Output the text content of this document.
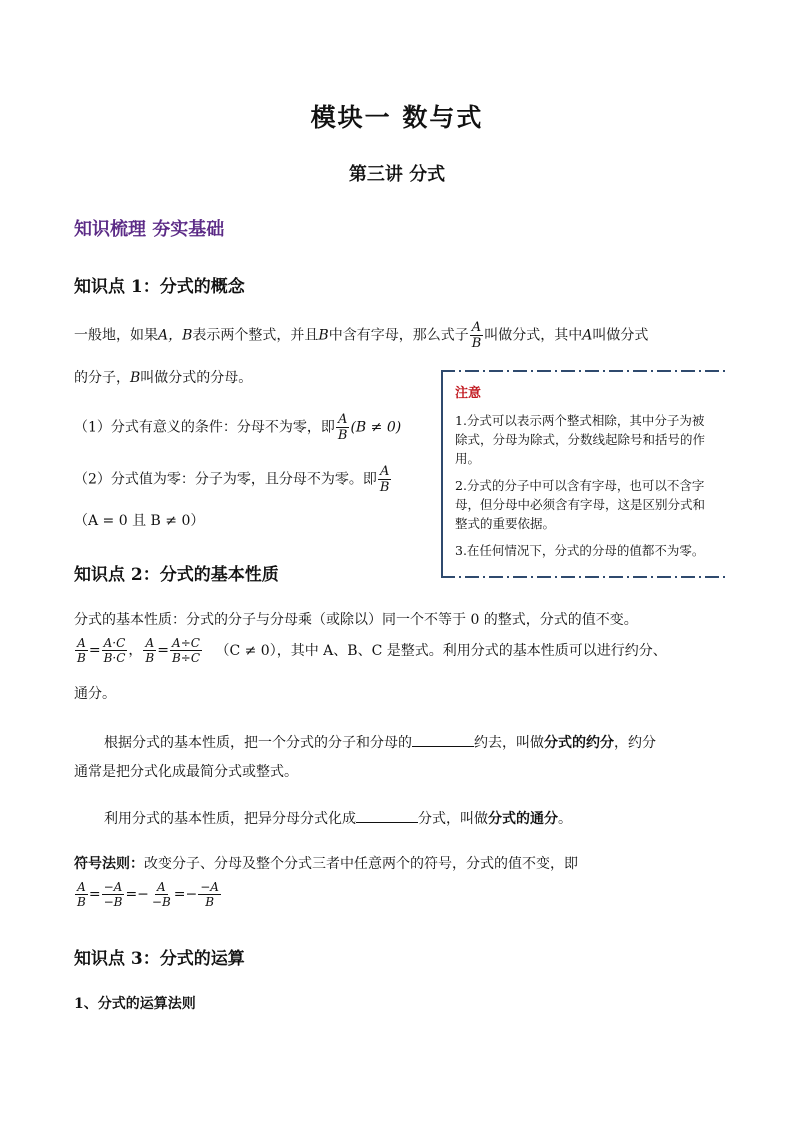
模块一 数与式
第三讲 分式
知识梳理 夯实基础
知识点 1：分式的概念
一般地，如果A，B表示两个整式，并且B中含有字母，那么式子 $\frac{A}{B}$ 叫做分式，其中A叫做分式
的分子，B叫做分式的分母。
（1）分式有意义的条件：分母不为零，即 $\frac{A}{B} (B \ne 0)$
（2）分式值为零：分子为零，且分母不为零。即 $\frac{A}{B}$
（A = 0 且 B ≠ 0）
注意

1.分式可以表示两个整式相除，其中分子为被除式，分母为除式，分数线起除号和括号的作用。

2.分式的分子中可以含有字母，也可以不含字母，但分母中必须含有字母，这是区别分式和整式的重要依据。

3.在任何情况下，分式的分母的值都不为零。

知识点 2：分式的基本性质
分式的基本性质：分式的分子与分母乘（或除以）同一个不等于 0 的整式，分式的值不变。
$\frac{A}{B} = \frac{A\cdot C}{B\cdot C}$ ， $\frac{A}{B} = \frac{A\div C}{B\div C} (C \ne 0)$，其中 A、B、C 是整式。利用分式的基本性质可以进行约分、
通分。
根据分式的基本性质，把一个分式的分子和分母的	约去，叫做分式的约分，约分
通常是把分式化成最简分式或整式。
利用分式的基本性质，把异分母分式化成	分式，叫做分式的通分。
符号法则：改变分子、分母及整个分式三者中任意两个的符号，分式的值不变，即
$\frac{A}{B} = \frac{-A}{-B} =- \frac{A}{-B} =- \frac{-A}{B}$
知识点 3：分式的运算
1、分式的运算法则
